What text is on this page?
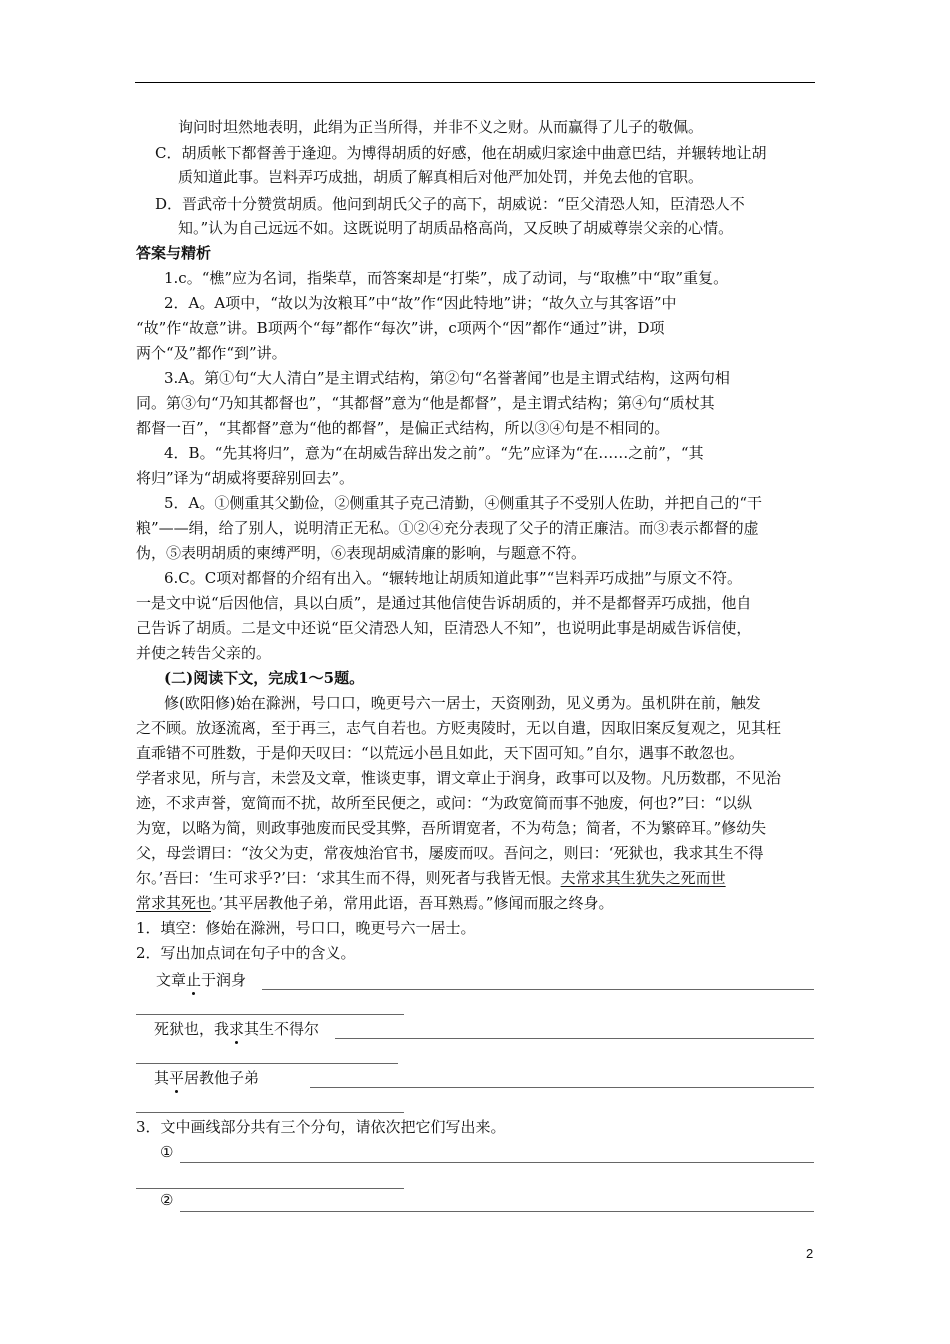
询问时坦然地表明，此绢为正当所得，并非不义之财。从而赢得了儿子的敬佩。
C．胡质帐下都督善于逢迎。为博得胡质的好感，他在胡威归家途中曲意巴结，并辗转地让胡
质知道此事。岂料弄巧成拙，胡质了解真相后对他严加处罚，并免去他的官职。
D．晋武帝十分赞赏胡质。他问到胡氏父子的高下，胡威说：“臣父清恐人知，臣清恐人不
知。”认为自己远远不如。这既说明了胡质品格高尚，又反映了胡威尊崇父亲的心情。
答案与精析
1.c。“樵”应为名词，指柴草，而答案却是“打柴”，成了动词，与“取樵”中“取”重复。
2．A。A项中，“故以为汝粮耳”中“故”作“因此特地”讲；“故久立与其客语”中
“故”作“故意”讲。B项两个“每”都作“每次”讲，c项两个“因”都作“通过”讲，D项
两个“及”都作“到”讲。
3.A。第①句“大人清白”是主谓式结构，第②句“名誉著闻”也是主谓式结构，这两句相
同。第③句“乃知其都督也”，“其都督”意为“他是都督”，是主谓式结构；第④句“质杖其
都督一百”，“其都督”意为“他的都督”，是偏正式结构，所以③④句是不相同的。
4．B。“先其将归”，意为“在胡威告辞出发之前”。“先”应译为“在……之前”，“其
将归”译为“胡威将要辞别回去”。
5．A。①侧重其父勤俭，②侧重其子克己清勤，④侧重其子不受别人佐助，并把自己的“干
粮”——绢，给了别人，说明清正无私。①②④充分表现了父子的清正廉洁。而③表示都督的虚
伪，⑤表明胡质的柬缚严明，⑥表现胡威清廉的影响，与题意不符。
6.C。C项对都督的介绍有出入。“辗转地让胡质知道此事”“岂料弄巧成拙”与原文不符。
一是文中说“后因他信，具以白质”，是通过其他信使告诉胡质的，并不是都督弄巧成拙，他自
己告诉了胡质。二是文中还说“臣父清恐人知，臣清恐人不知”，也说明此事是胡威告诉信使，
并使之转告父亲的。
(二)阅读下文，完成1～5题。
修(欧阳修)始在滁洲，号口口，晚更号六一居士，天资刚劲，见义勇为。虽机阱在前，触发
之不顾。放逐流离，至于再三，志气自若也。方贬夷陵时，无以自遣，因取旧案反复观之，见其枉
直乖错不可胜数，于是仰天叹曰：“以荒远小邑且如此，天下固可知。”自尔，遇事不敢忽也。
学者求见，所与言，未尝及文章，惟谈吏事，谓文章止于润身，政事可以及物。凡历数郡，不见治
迹，不求声誉，宽简而不扰，故所至民便之，或问：“为政宽简而事不弛废，何也?”曰：“以纵
为宽，以略为简，则政事弛废而民受其弊，吾所谓宽者，不为苟急；简者，不为繁碎耳。”修幼失
父，母尝谓曰：“汝父为吏，常夜烛治官书，屡废而叹。吾问之，则曰：‘死狱也，我求其生不得
尔。’吾曰：‘生可求乎?’曰：‘求其生而不得，则死者与我皆无恨。夫常求其生犹失之死而世
常求其死也。’其平居教他子弟，常用此语，吾耳熟焉。”修闻而服之终身。
1．填空：修始在滁洲，号口口，晚更号六一居士。
2．写出加点词在句子中的含义。
文章止于润身
死狱也，我求其生不得尔
其平居教他子弟
3．文中画线部分共有三个分句，请依次把它们写出来。
①
②
2
